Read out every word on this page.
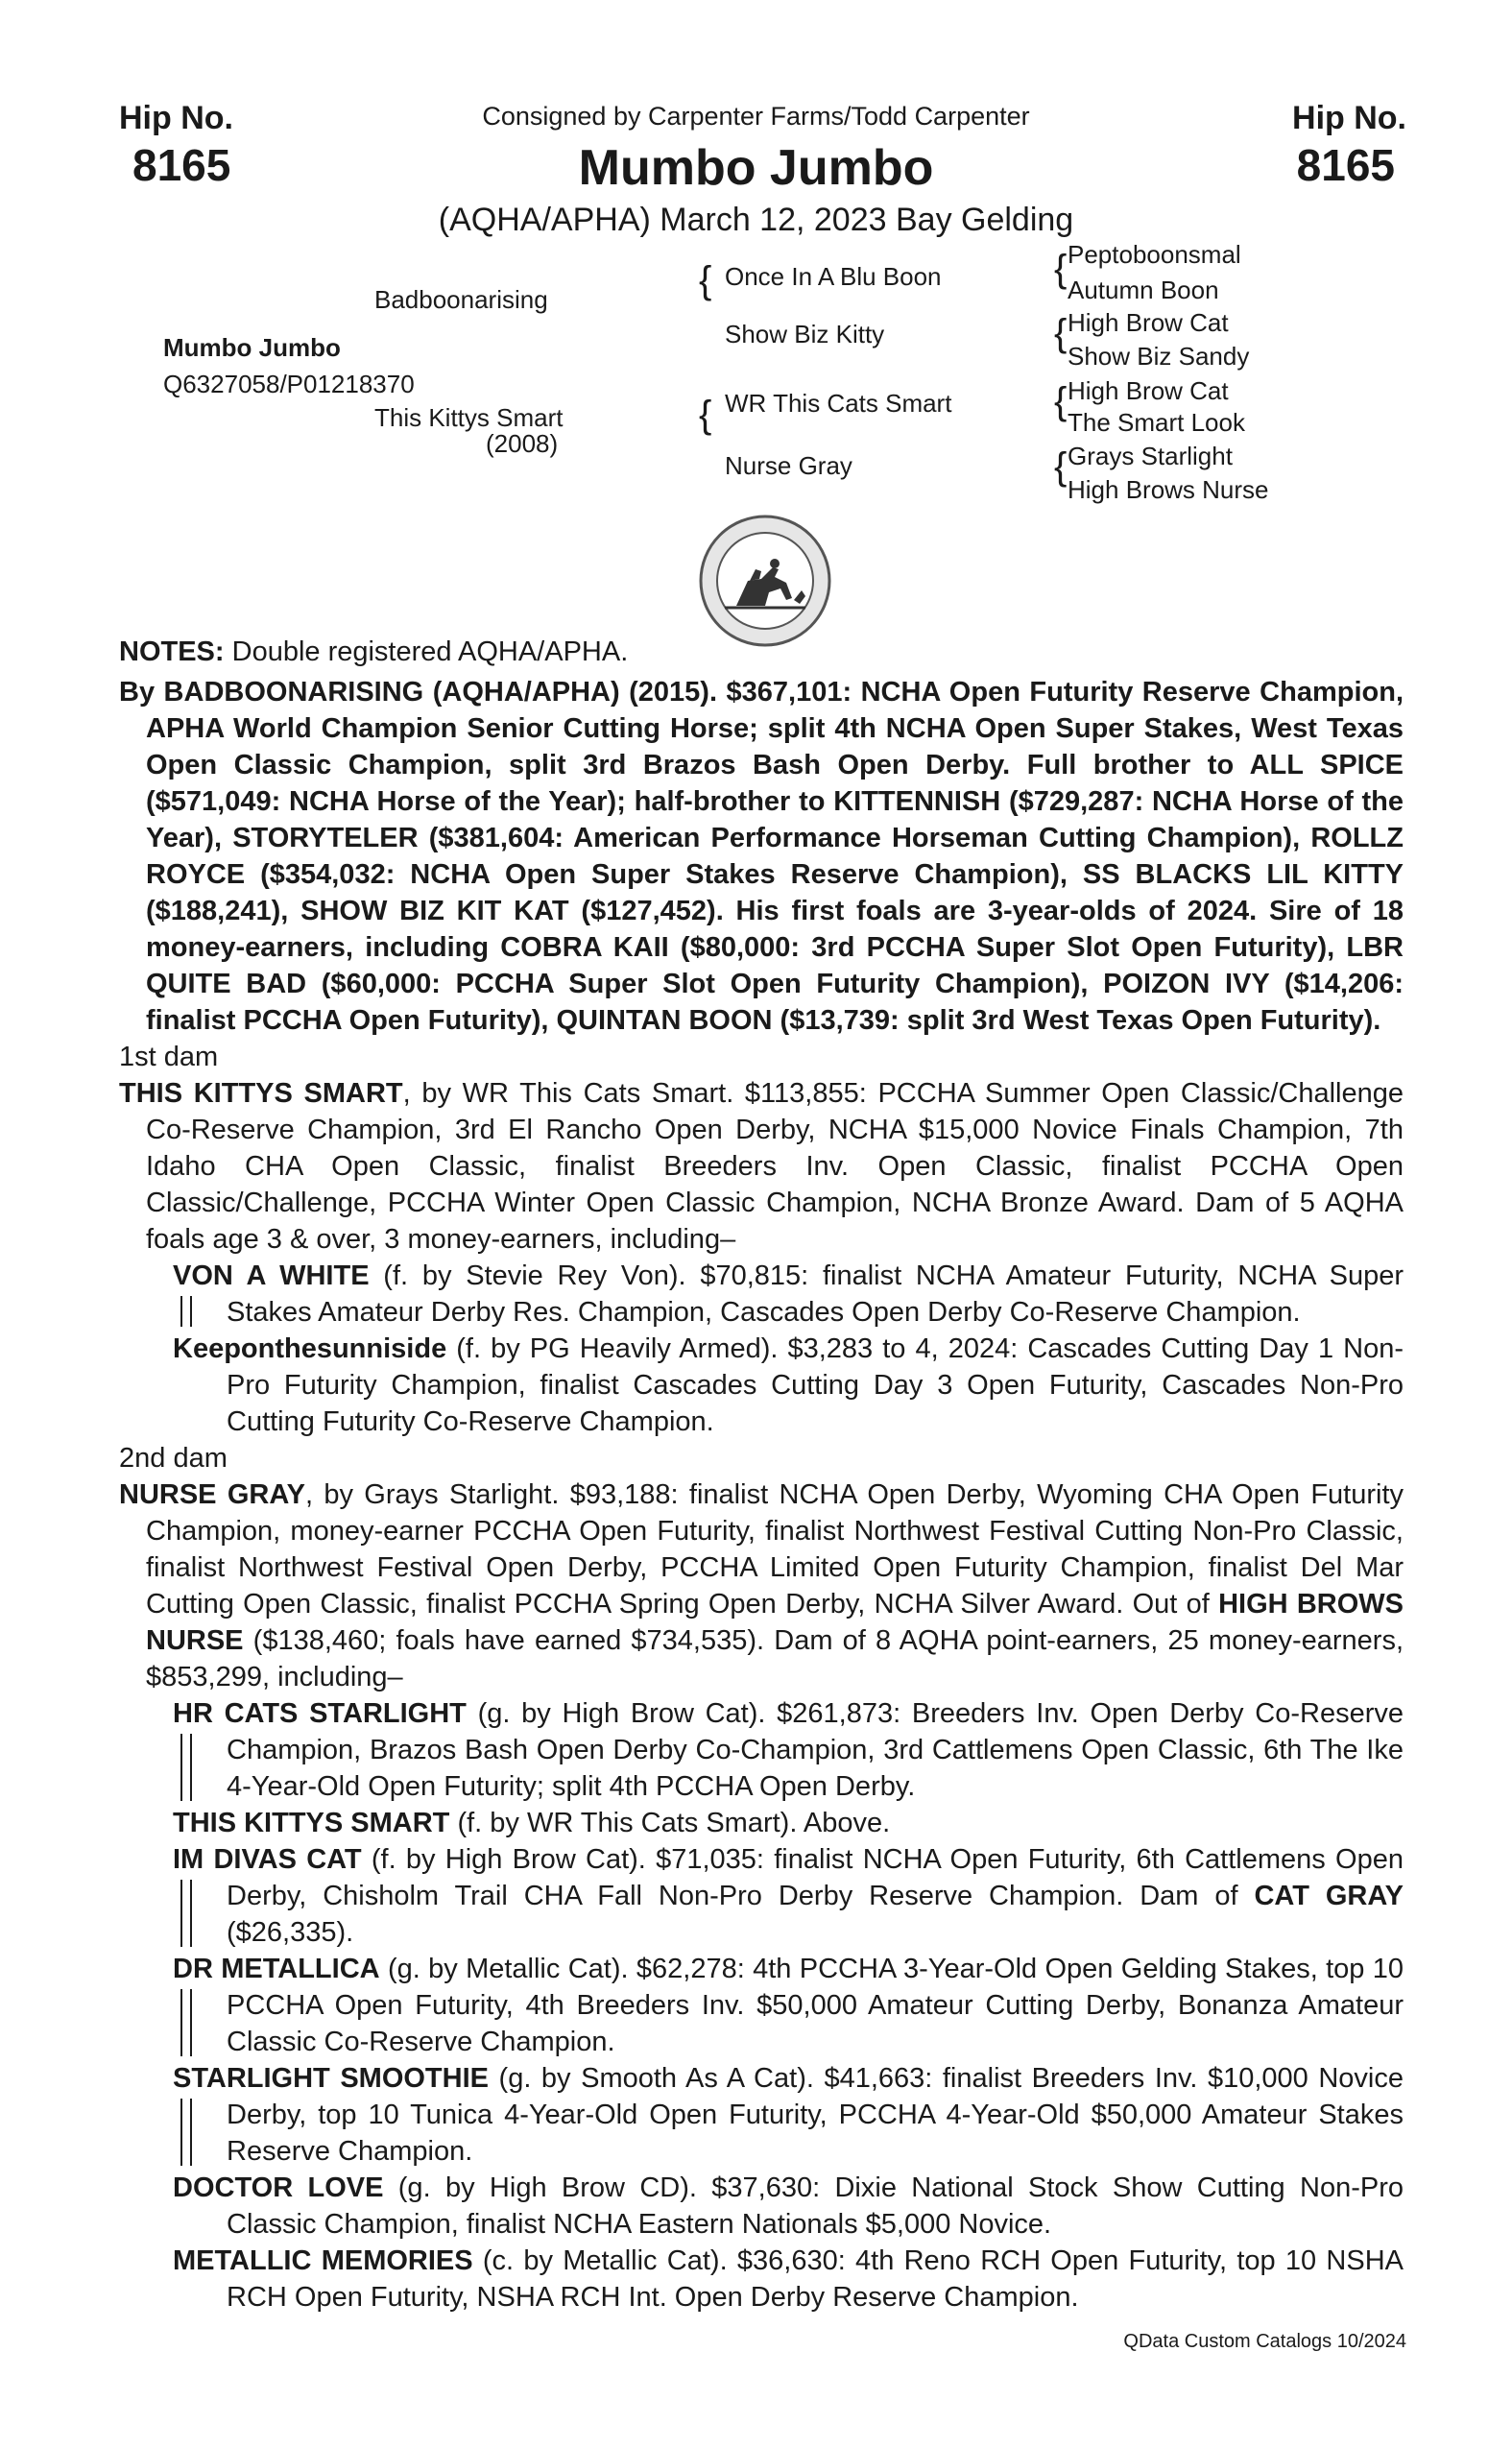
Hip No.
8165
Hip No.
8165
Consigned by Carpenter Farms/Todd Carpenter
Mumbo Jumbo
(AQHA/APHA) March 12, 2023 Bay Gelding
Badboonarising
Mumbo Jumbo
Q6327058/P01218370
This Kittys Smart
(2008)
{ Once In A Blu Boon
Show Biz Kitty
{ WR This Cats Smart
Nurse Gray
{ Peptoboonsmal
Autumn Boon
{ High Brow Cat
Show Biz Sandy
{ High Brow Cat
The Smart Look
{ Grays Starlight
High Brows Nurse

NOTES: Double registered AQHA/APHA.

By BADBOONARISING (AQHA/APHA) (2015). $367,101: NCHA Open Futurity Reserve Champion, APHA World Champion Senior Cutting Horse; split 4th NCHA Open Super Stakes, West Texas Open Classic Champion, split 3rd Brazos Bash Open Derby. Full brother to ALL SPICE ($571,049: NCHA Horse of the Year); half-brother to KITTENNISH ($729,287: NCHA Horse of the Year), STORYTELER ($381,604: American Performance Horseman Cutting Champion), ROLLZ ROYCE ($354,032: NCHA Open Super Stakes Reserve Champion), SS BLACKS LIL KITTY ($188,241), SHOW BIZ KIT KAT ($127,452). His first foals are 3-year-olds of 2024. Sire of 18 money-earners, including COBRA KAII ($80,000: 3rd PCCHA Super Slot Open Futurity), LBR QUITE BAD ($60,000: PCCHA Super Slot Open Futurity Champion), POIZON IVY ($14,206: finalist PCCHA Open Futurity), QUINTAN BOON ($13,739: split 3rd West Texas Open Futurity).

1st dam

THIS KITTYS SMART, by WR This Cats Smart. $113,855: PCCHA Summer Open Classic/Challenge Co-Reserve Champion, 3rd El Rancho Open Derby, NCHA $15,000 Novice Finals Champion, 7th Idaho CHA Open Classic, finalist Breeders Inv. Open Classic, finalist PCCHA Open Classic/Challenge, PCCHA Winter Open Classic Champion, NCHA Bronze Award. Dam of 5 AQHA foals age 3 & over, 3 money-earners, including–

VON A WHITE (f. by Stevie Rey Von). $70,815: finalist NCHA Amateur Futurity, NCHA Super Stakes Amateur Derby Res. Champion, Cascades Open Derby Co-Reserve Champion.

Keeponthesunniside (f. by PG Heavily Armed). $3,283 to 4, 2024: Cascades Cutting Day 1 Non-Pro Futurity Champion, finalist Cascades Cutting Day 3 Open Futurity, Cascades Non-Pro Cutting Futurity Co-Reserve Champion.

2nd dam

NURSE GRAY, by Grays Starlight. $93,188: finalist NCHA Open Derby, Wyoming CHA Open Futurity Champion, money-earner PCCHA Open Futurity, finalist Northwest Festival Cutting Non-Pro Classic, finalist Northwest Festival Open Derby, PCCHA Limited Open Futurity Champion, finalist Del Mar Cutting Open Classic, finalist PCCHA Spring Open Derby, NCHA Silver Award. Out of HIGH BROWS NURSE ($138,460; foals have earned $734,535). Dam of 8 AQHA point-earners, 25 money-earners, $853,299, including–

HR CATS STARLIGHT (g. by High Brow Cat). $261,873: Breeders Inv. Open Derby Co-Reserve Champion, Brazos Bash Open Derby Co-Champion, 3rd Cattlemens Open Classic, 6th The Ike 4-Year-Old Open Futurity; split 4th PCCHA Open Derby.

THIS KITTYS SMART (f. by WR This Cats Smart). Above.

IM DIVAS CAT (f. by High Brow Cat). $71,035: finalist NCHA Open Futurity, 6th Cattlemens Open Derby, Chisholm Trail CHA Fall Non-Pro Derby Reserve Champion. Dam of CAT GRAY ($26,335).

DR METALLICA (g. by Metallic Cat). $62,278: 4th PCCHA 3-Year-Old Open Gelding Stakes, top 10 PCCHA Open Futurity, 4th Breeders Inv. $50,000 Amateur Cutting Derby, Bonanza Amateur Classic Co-Reserve Champion.

STARLIGHT SMOOTHIE (g. by Smooth As A Cat). $41,663: finalist Breeders Inv. $10,000 Novice Derby, top 10 Tunica 4-Year-Old Open Futurity, PCCHA 4-Year-Old $50,000 Amateur Stakes Reserve Champion.

DOCTOR LOVE (g. by High Brow CD). $37,630: Dixie National Stock Show Cutting Non-Pro Classic Champion, finalist NCHA Eastern Nationals $5,000 Novice.

METALLIC MEMORIES (c. by Metallic Cat). $36,630: 4th Reno RCH Open Futurity, top 10 NSHA RCH Open Futurity, NSHA RCH Int. Open Derby Reserve Champion.

QData Custom Catalogs 10/2024
